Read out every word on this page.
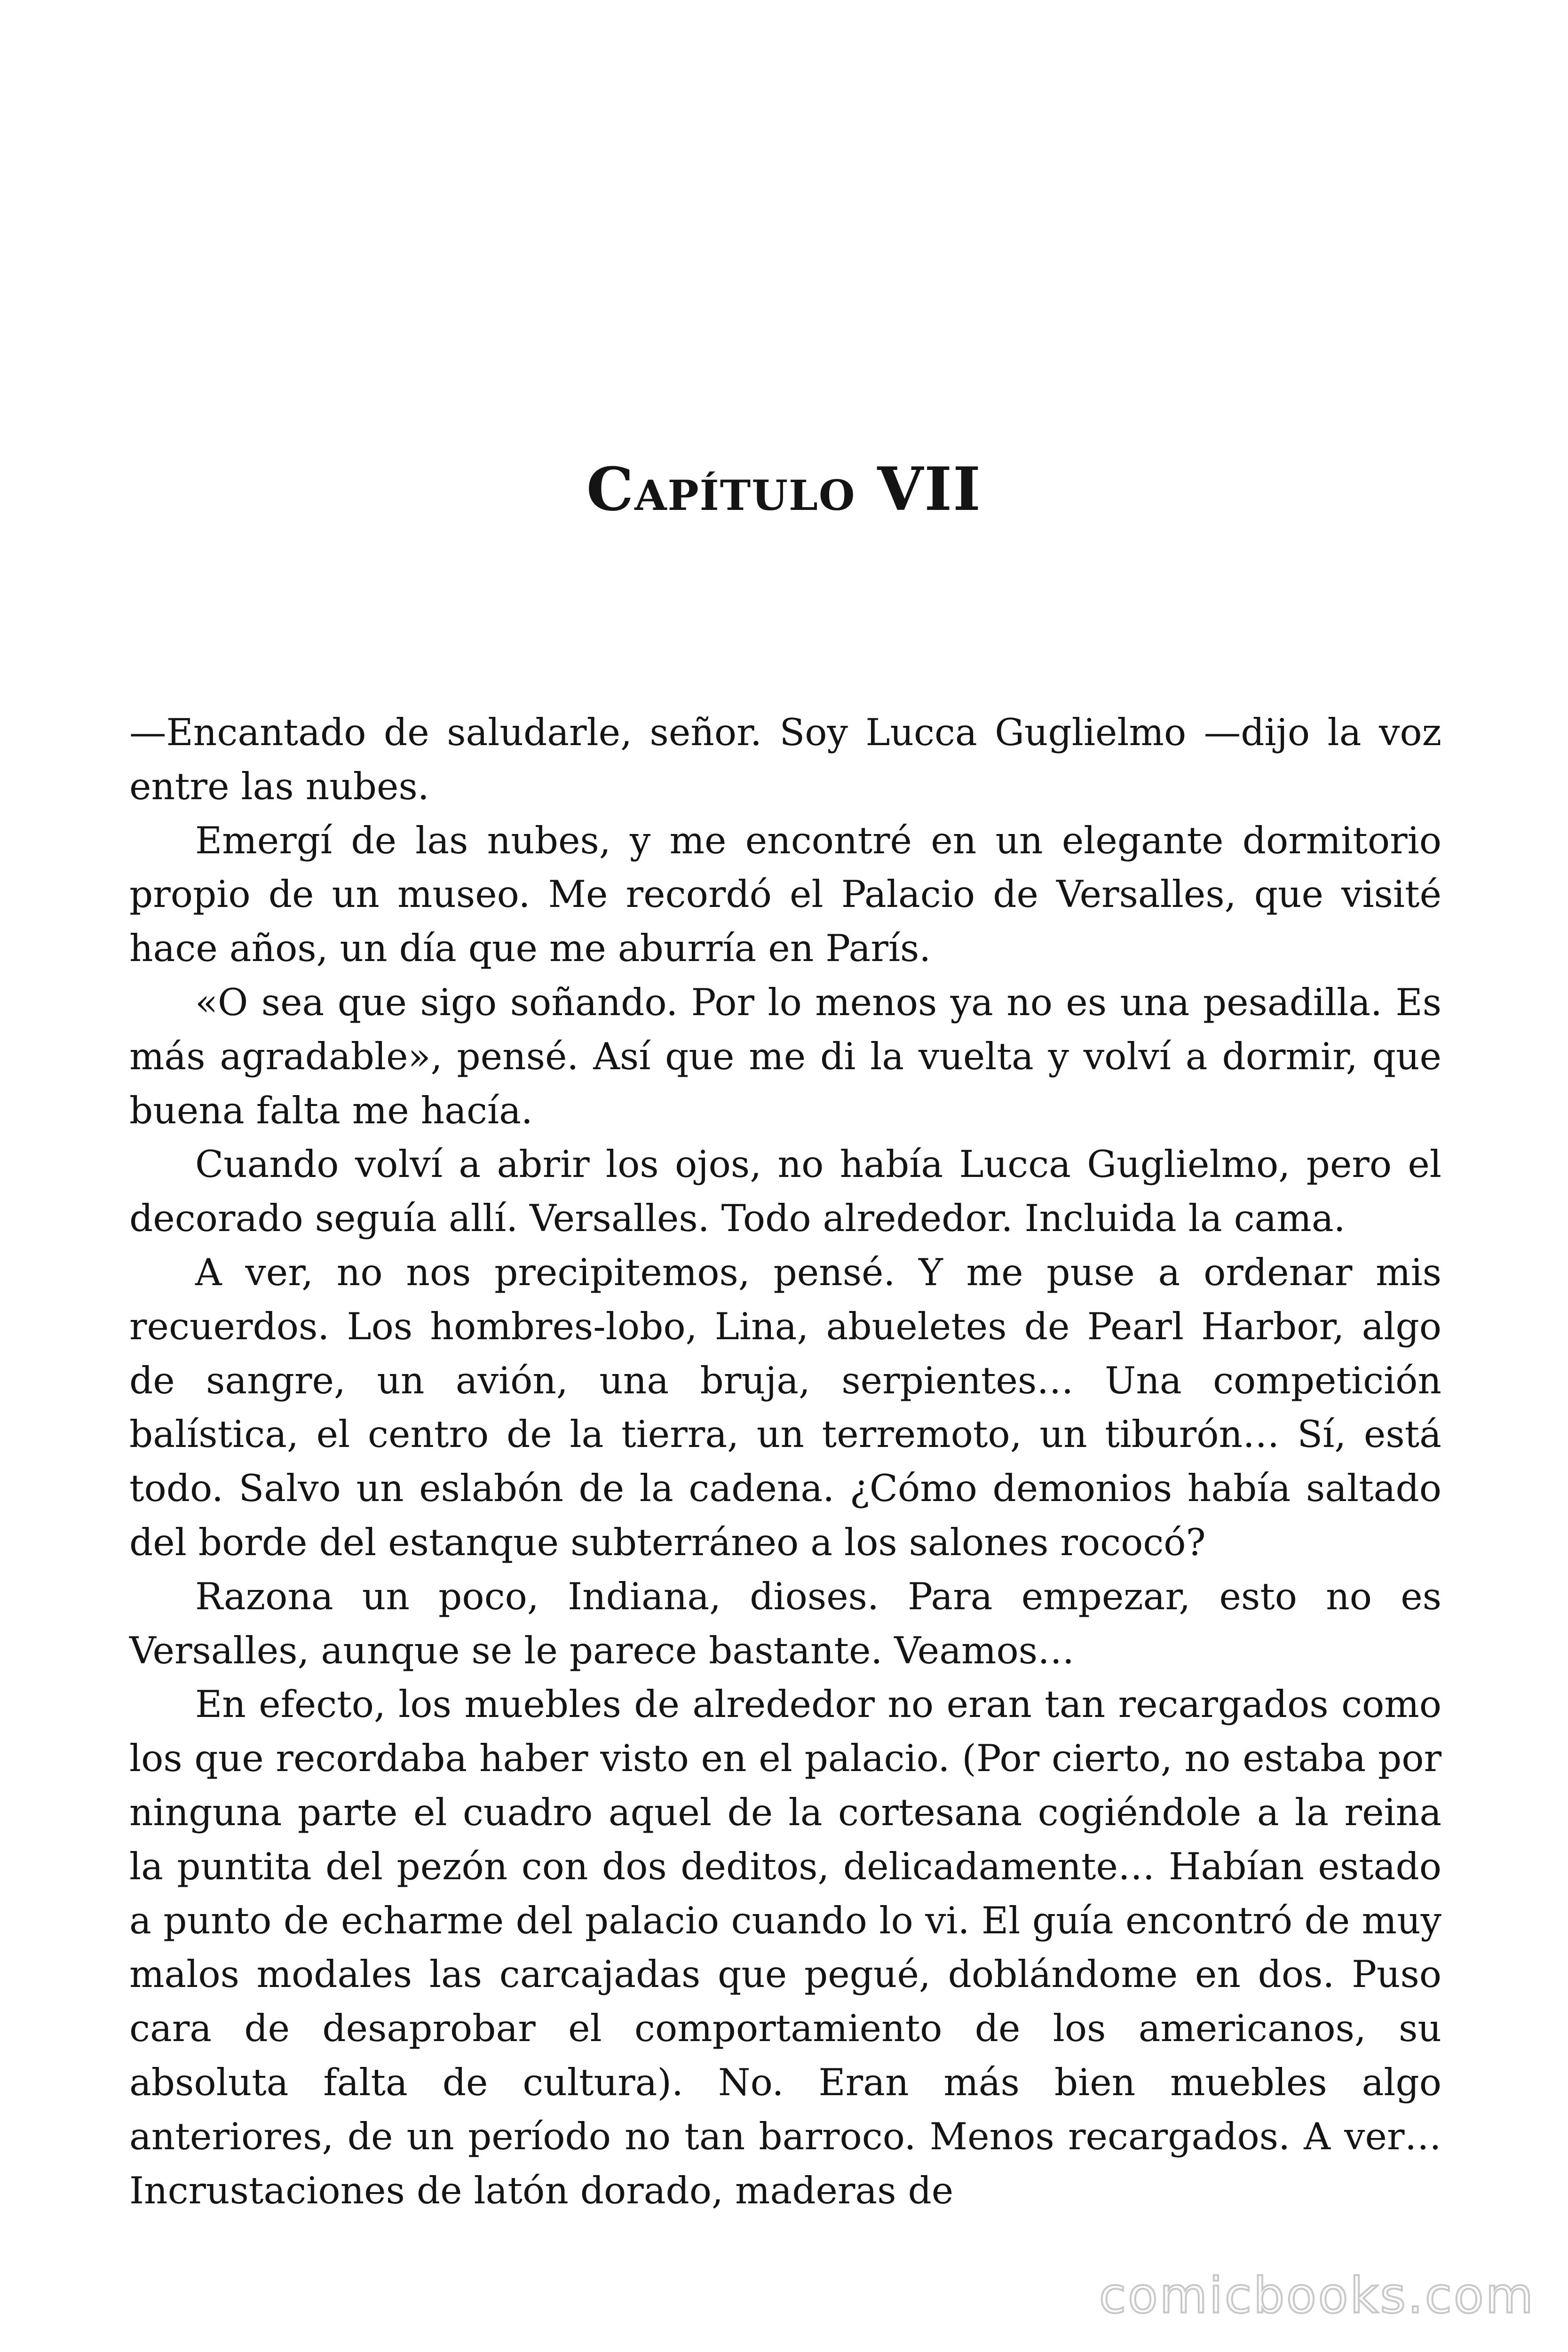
Capítulo VII

—Encantado de saludarle, señor. Soy Lucca Guglielmo —dijo la voz entre las nubes.

Emergí de las nubes, y me encontré en un elegante dormitorio propio de un museo. Me recordó el Palacio de Versalles, que visité hace años, un día que me aburría en París.

«O sea que sigo soñando. Por lo menos ya no es una pesadilla. Es más agradable», pensé. Así que me di la vuelta y volví a dormir, que buena falta me hacía.

Cuando volví a abrir los ojos, no había Lucca Guglielmo, pero el decorado seguía allí. Versalles. Todo alrededor. Incluida la cama.

A ver, no nos precipitemos, pensé. Y me puse a ordenar mis recuerdos. Los hombres-lobo, Lina, abueletes de Pearl Harbor, algo de sangre, un avión, una bruja, serpientes… Una competición balística, el centro de la tierra, un terremoto, un tiburón… Sí, está todo. Salvo un eslabón de la cadena. ¿Cómo demonios había saltado del borde del estanque subterráneo a los salones rococó?

Razona un poco, Indiana, dioses. Para empezar, esto no es Versalles, aunque se le parece bastante. Veamos…

En efecto, los muebles de alrededor no eran tan recargados como los que recordaba haber visto en el palacio. (Por cierto, no estaba por ninguna parte el cuadro aquel de la cortesana cogiéndole a la reina la puntita del pezón con dos deditos, delicadamente… Habían estado a punto de echarme del palacio cuando lo vi. El guía encontró de muy malos modales las carcajadas que pegué, doblándome en dos. Puso cara de desaprobar el comportamiento de los americanos, su absoluta falta de cultura). No. Eran más bien muebles algo anteriores, de un período no tan barroco. Menos recargados. A ver… Incrustaciones de latón dorado, maderas de

comicbooks.com
